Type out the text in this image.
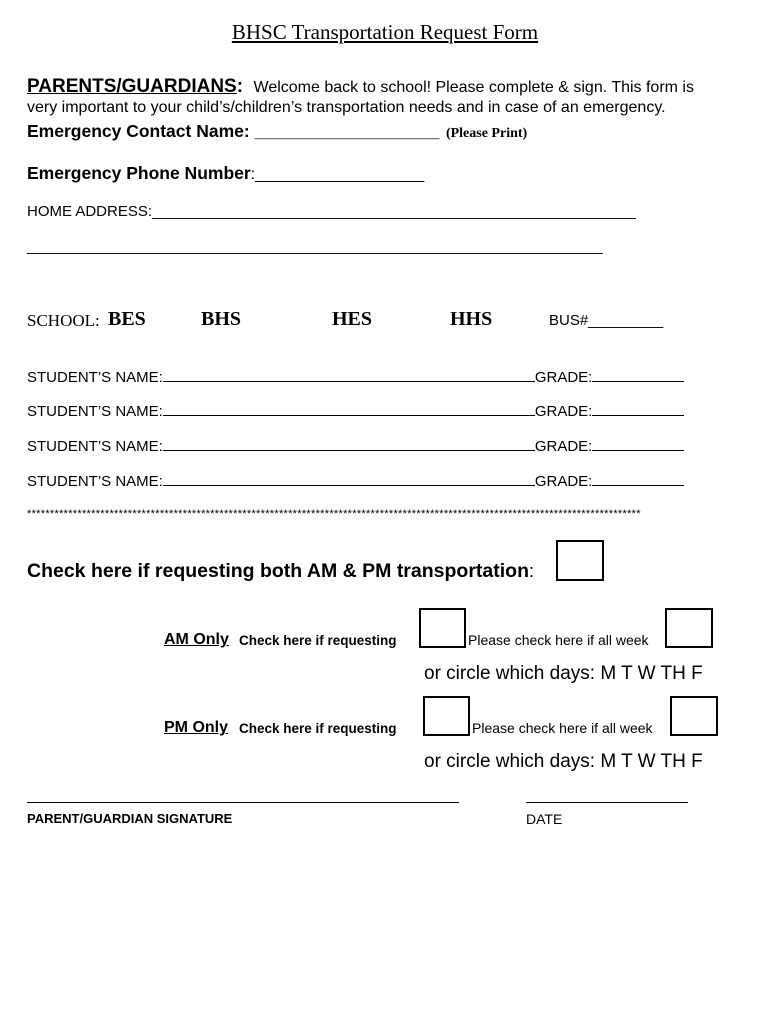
BHSC Transportation Request Form
PARENTS/GUARDIANS: Welcome back to school! Please complete & sign. This form is
very important to your child’s/children’s transportation needs and in case of an emergency.
Emergency Contact Name: ___________________ (Please Print)
Emergency Phone Number:___________________
HOME ADDRESS:__________________________________________________________
_____________________________________________________________________
SCHOOL: BES	BHS	HES	HHS	BUS#_________
STUDENT’S NAME:	GRADE:
STUDENT’S NAME:	GRADE:
STUDENT’S NAME:	GRADE:
STUDENT’S NAME:	GRADE:
**************************************************************************************************************************************
Check here if requesting both AM & PM transportation:
AM Only Check here if requesting	Please check here if all week
or circle which days: M T W TH F
PM Only Check here if requesting	Please check here if all week
or circle which days: M T W TH F
PARENT/GUARDIAN SIGNATURE	DATE
